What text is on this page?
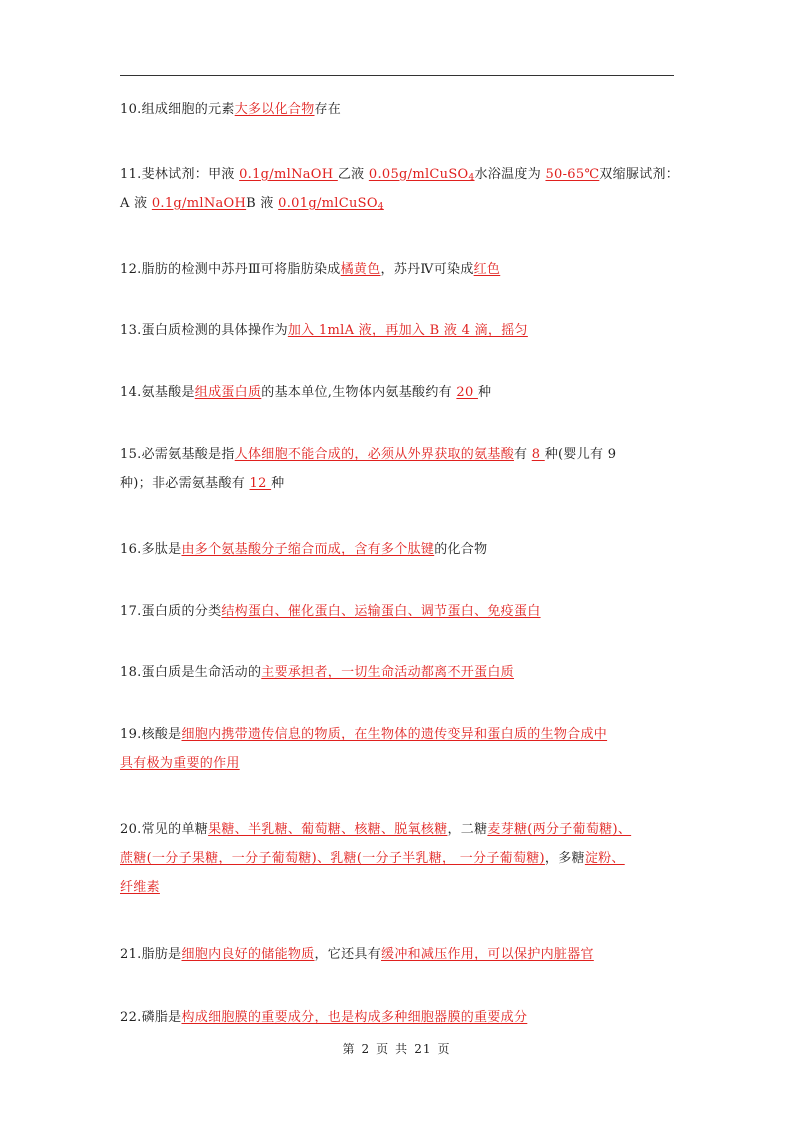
10.组成细胞的元素大多以化合物存在
11.斐林试剂：甲液 0.1g/mlNaOH 乙液 0.05g/mlCuSO$_4$水浴温度为 50-65℃双缩脲试剂：
A 液 0.1g/mlNaOHB 液 0.01g/mlCuSO$_4$
12.脂肪的检测中苏丹Ⅲ可将脂肪染成橘黄色，苏丹Ⅳ可染成红色
13.蛋白质检测的具体操作为加入 1mlA 液，再加入 B 液 4 滴，摇匀
14.氨基酸是组成蛋白质的基本单位,生物体内氨基酸约有 20 种
15.必需氨基酸是指人体细胞不能合成的，必须从外界获取的氨基酸有 8 种(婴儿有 9
种)；非必需氨基酸有 12 种
16.多肽是由多个氨基酸分子缩合而成，含有多个肽键的化合物
17.蛋白质的分类结构蛋白、催化蛋白、运输蛋白、调节蛋白、免疫蛋白
18.蛋白质是生命活动的主要承担者，一切生命活动都离不开蛋白质
19.核酸是细胞内携带遗传信息的物质，在生物体的遗传变异和蛋白质的生物合成中
具有极为重要的作用
20.常见的单糖果糖、半乳糖、葡萄糖、核糖、脱氧核糖，二糖麦芽糖(两分子葡萄糖)、
蔗糖(一分子果糖，一分子葡萄糖)、乳糖(一分子半乳糖， 一分子葡萄糖)，多糖淀粉、
纤维素
21.脂肪是细胞内良好的储能物质，它还具有缓冲和减压作用，可以保护内脏器官
22.磷脂是构成细胞膜的重要成分，也是构成多种细胞器膜的重要成分
第 2 页 共 21 页
